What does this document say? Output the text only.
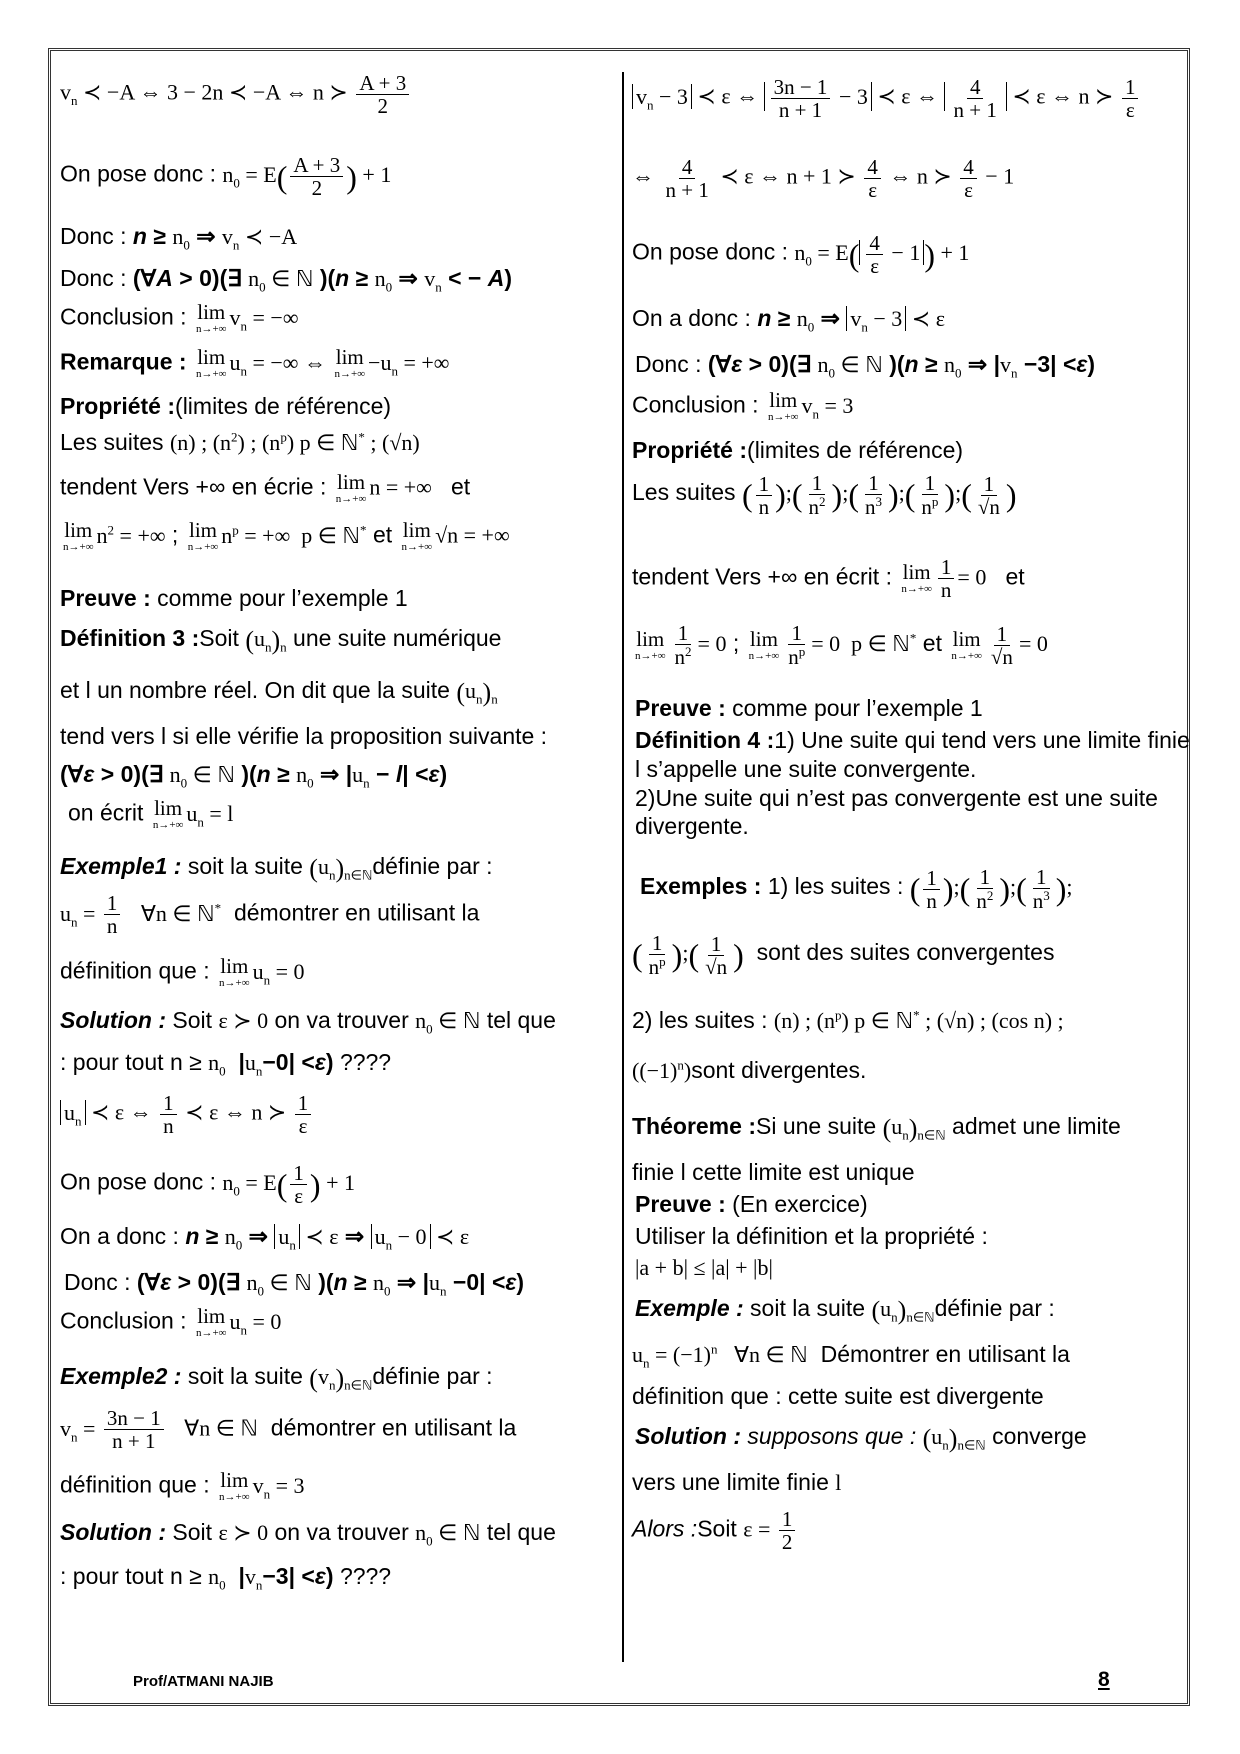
$v_n$ ≺ −A ⇔ 3 − 2n ≺ −A ⇔ n ≻ $\frac{A + 3}{2}$
On pose donc : $n_0 = E( \frac{A + 3}{2}$ ) + 1
Donc : $n \ge n_0$ ⇒ $v_n$ ≺ −A
Donc : (∀A > 0)(∃ $n_0$ ∈ ℕ )($n \ge n_0$ ⇒ $v_n$ < − A)
Conclusion : lim
n→+∞ $v_n$ = −∞
Remarque : lim
n→+∞ $u_n$ = −∞ ⇔ lim
$n\to+\infty -u_n$ = +∞
Propriété :(limites de référence)
Les suites (n) ; $(n^2)$ ; $(n^p)$ p ∈ ℕ* ; (√n)
tendent Vers +∞ en écrie : lim
n→+∞ n = +∞ et
lim
n→+∞ $n^2$ = +∞ ; lim
n→+∞ $n^p$ = +∞  p ∈ ℕ* et lim
n→+∞ √n = +∞
Preuve : comme pour l’exemple 1
Définition 3 :Soit $(u_n)_n$ une suite numérique
et l un nombre réel. On dit que la suite $(u_n)_n$
tend vers l si elle vérifie la proposition suivante :
(∀ε > 0)(∃ $n_0$ ∈ ℕ )($n \ge n_0$ ⇒ $|u_n - l| <\varepsilon$)
on écrit lim
n→+∞ $u_n = l$
Exemple1 : soit la suite $(u_n)_{n\in ℕ}définie$ par :
$u_n = \frac{1}{n}$ ∀n ∈ ℕ* démontrer en utilisant la
définition que : lim
n→+∞ $u_n = 0$
Solution : Soit ε ≻ 0 on va trouver $n_0$ ∈ ℕ tel que
: pour tout $n \ge n_0$ $|u_n-0| <\varepsilon$) ????
$u_n$ ≺ ε ⇔ $\frac{1}{n}$ ≺ ε ⇔ n ≻ $\frac{1}{\varepsilon}$
On pose donc : $n_0 = E( \frac{1}{\varepsilon}$ ) + 1
On a donc : $n \ge n_0$ ⇒ $u_n$ ≺ ε ⇒ $u_n - 0$ ≺ ε
Donc : (∀ε > 0)(∃ $n_0$ ∈ ℕ )($n \ge n_0$ ⇒ $|u_n -0| <\varepsilon$)
Conclusion : lim
n→+∞ $u_n = 0$
Exemple2 : soit la suite $(v_n)_{n\in ℕ}définie$ par :
$v_n = \frac{3n - 1}{n + 1}$ ∀n ∈ ℕ démontrer en utilisant la
définition que : lim
n→+∞ $v_n = 3$
Solution : Soit ε ≻ 0 on va trouver $n_0$ ∈ ℕ tel que
: pour tout $n \ge n_0$ $|v_n-3| <\varepsilon$) ????
$v_n - 3$ ≺ ε ⇔ $\frac{3n - 1}{n + 1} - 3$ ≺ ε ⇔ $\frac{4}{n + 1}$ ≺ ε ⇔ n ≻ $\frac{1}{\varepsilon}$
⇔ $\frac{4}{n + 1}$ ≺ ε ⇔ n + 1 ≻ $\frac{4}{\varepsilon}$ ⇔ n ≻ $\frac{4}{\varepsilon} - 1$
On pose donc : $n_0 = E( \frac{4}{\varepsilon} - 1$ ) + 1
On a donc : $n \ge n_0$ ⇒ $v_n - 3$ ≺ ε
Donc : (∀ε > 0)(∃ $n_0$ ∈ ℕ )($n \ge n_0$ ⇒ $|v_n -3| <\varepsilon$)
Conclusion : lim
n→+∞ $v_n = 3$
Propriété :(limites de référence)
Les suites ( $\frac{1}{n}$ );( $\frac{1}{n^2}$ );( $\frac{1}{n^3}$ );( $\frac{1}{n^p}$ );( $\frac{1}{√n}$ )
tendent Vers +∞ en écrit : lim
$n\to+\infty \frac{1}{n} = 0$ et
lim
$n\to+\infty \frac{1}{n^2} = 0$ ; lim
$n\to+\infty \frac{1}{n^p} = 0$  p ∈ ℕ* et lim
$n\to+\infty \frac{1}{√n} = 0$
Preuve : comme pour l’exemple 1
Définition 4 :1) Une suite qui tend vers une limite finie l s’appelle une suite convergente.
2)Une suite qui n’est pas convergente est une suite divergente.
Exemples : 1) les suites : ( $\frac{1}{n}$ );( $\frac{1}{n^2}$ );( $\frac{1}{n^3}$ );
( $\frac{1}{n^p}$ );( $\frac{1}{√n}$ ) sont des suites convergentes
2) les suites : (n) ; $(n^p)$ p ∈ ℕ* ; (√n) ; (cos n) ;
$((-1)^n)sont$ divergentes.
Théoreme :Si une suite $(u_n)_{n\in ℕ}$ admet une limite
finie l cette limite est unique
Preuve : (En exercice)
Utiliser la définition et la propriété :
|a + b| ≤ |a| + |b|
Exemple : soit la suite $(u_n)_{n\in ℕ}définie$ par :
$u_n = (-1)^n$   ∀n ∈ ℕ Démontrer en utilisant la
définition que : cette suite est divergente
Solution : supposons que : $(u_n)_{n\in ℕ}$ converge
vers une limite finie l
Alors :Soit $\varepsilon = \frac{1}{2}$
Prof/ATMANI NAJIB	8
